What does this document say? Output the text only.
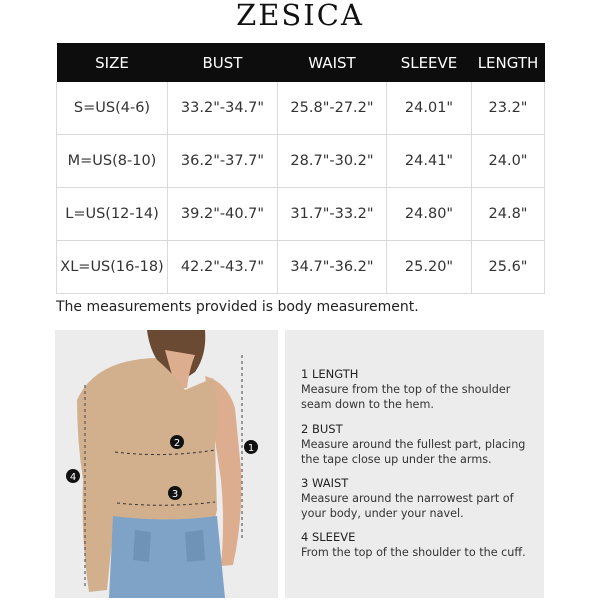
ZESICA
SIZE	BUST	WAIST	SLEEVE	LENGTH
S=US(4-6)	33.2"-34.7"	25.8"-27.2"	24.01"	23.2"
M=US(8-10)	36.2"-37.7"	28.7"-30.2"	24.41"	24.0"
L=US(12-14)	39.2"-40.7"	31.7"-33.2"	24.80"	24.8"
XL=US(16-18)	42.2"-43.7"	34.7"-36.2"	25.20"	25.6"
The measurements provided is body measurement.
1
2
3
4
1 LENGTH
Measure from the top of the shoulder seam down to the hem.
2 BUST
Measure around the fullest part, placing the tape close up under the arms.
3 WAIST
Measure around the narrowest part of your body, under your navel.
4 SLEEVE
From the top of the shoulder to the cuff.
